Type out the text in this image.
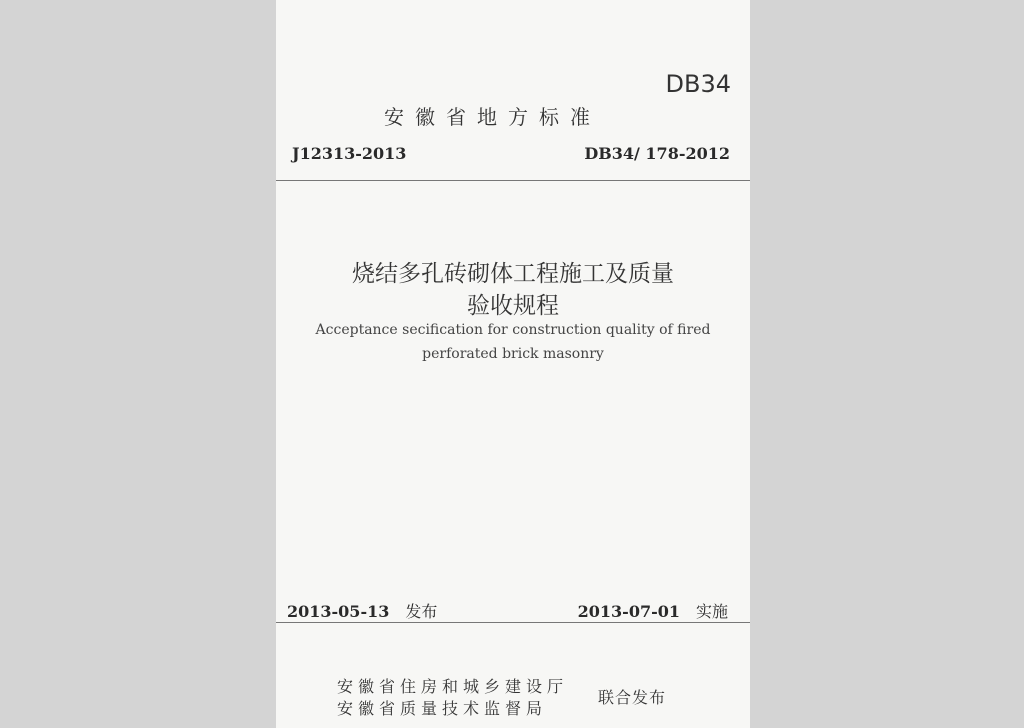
DB34
安徽省地方标准
J12313-2013	DB34/ 178-2012
烧结多孔砖砌体工程施工及质量
验收规程
Acceptance secification for construction quality of fired
perforated brick masonry
2013-05-13 发布	2013-07-01 实施
安徽省住房和城乡建设厅
安徽省质量技术监督局
联合发布
